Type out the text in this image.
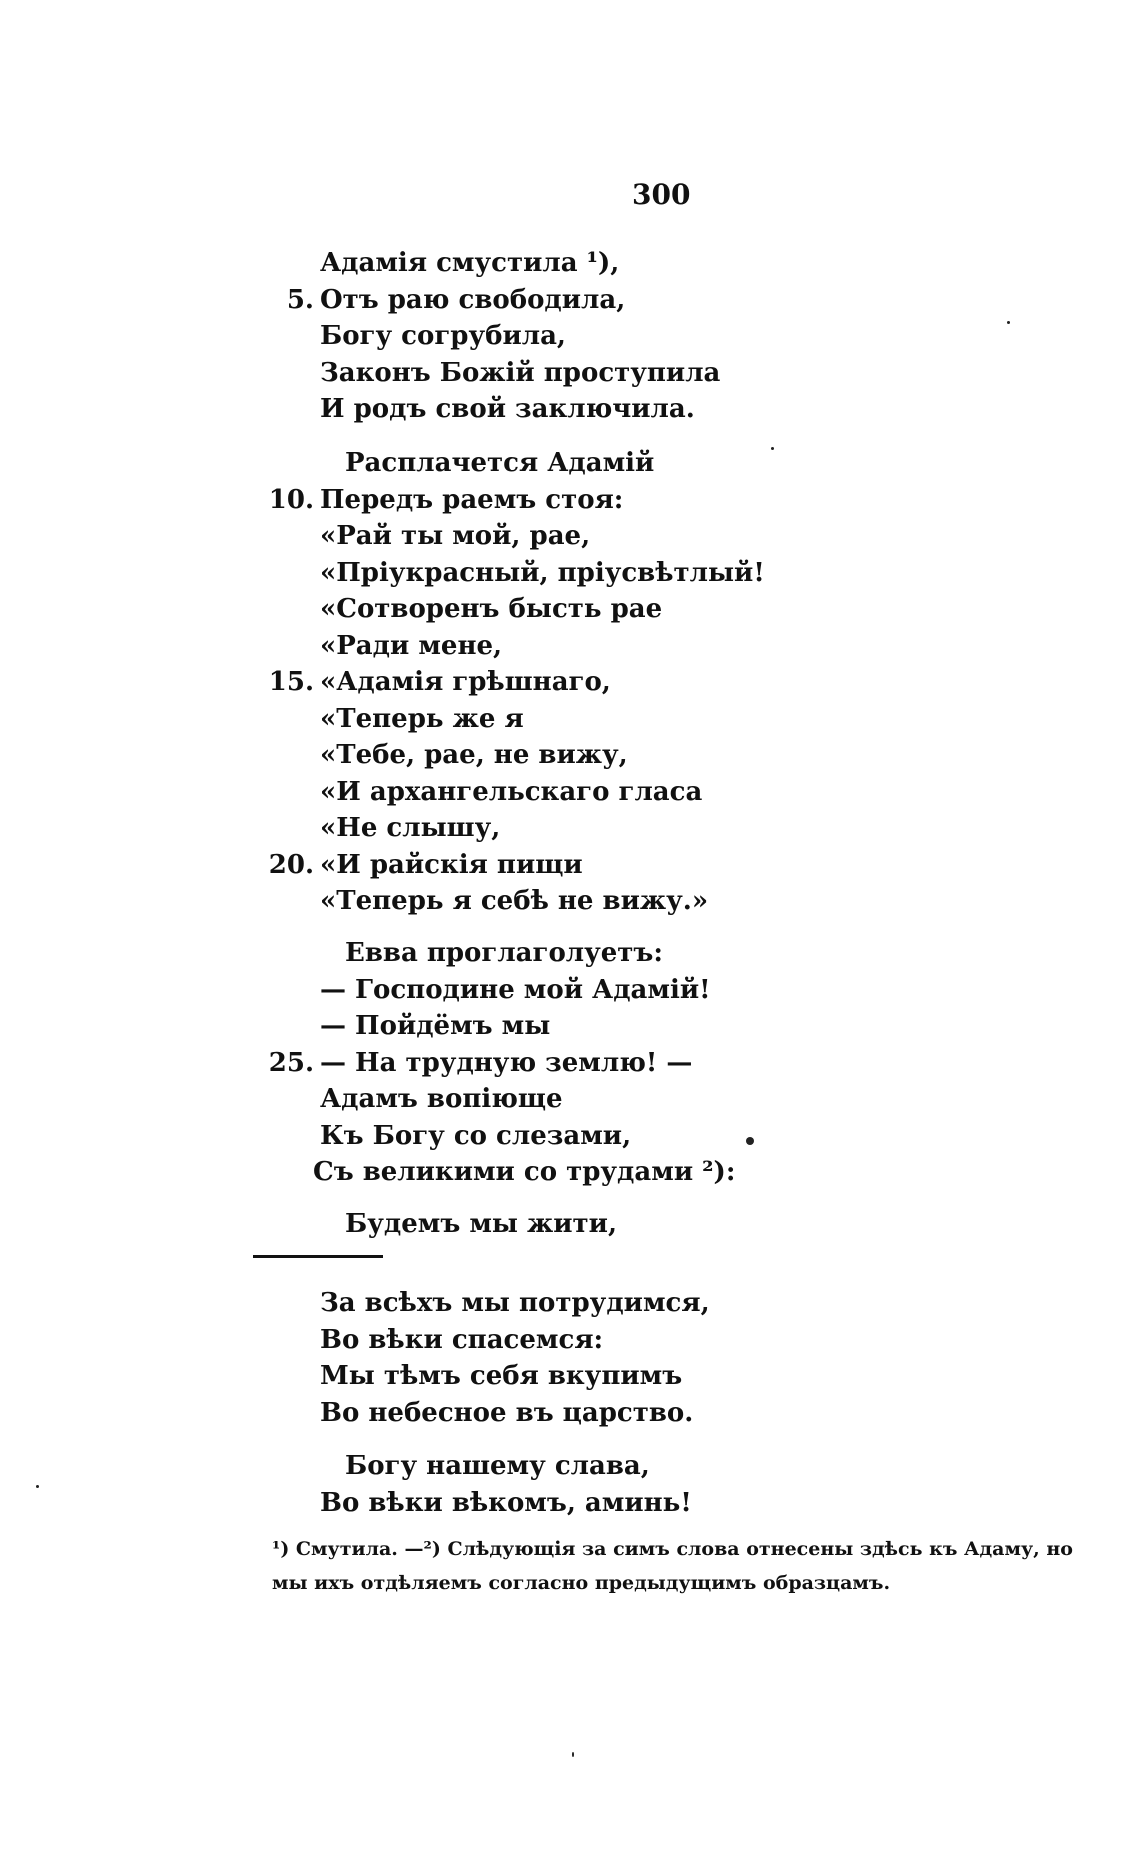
300
Адамія смустила ¹),
5. Отъ раю свободила,
Богу согрубила,
Законъ Божій проступила
И родъ свой заключила.
Расплачется Адамій
10. Передъ раемъ стоя:
«Рай ты мой, рае,
«Пріукрасный, пріусвѣтлый!
«Сотворенъ бысть рае
«Ради мене,
15. «Адамія грѣшнаго,
«Теперь же я
«Тебе, рае, не вижу,
«И архангельскаго гласа
«Не слышу,
20. «И райскія пищи
«Теперь я себѣ не вижу.»
Евва проглаголуетъ:
— Господине мой Адамій!
— Пойдёмъ мы
25. — На трудную землю! —
Адамъ вопіюще
Къ Богу со слезами,
Съ великими со трудами ²):
Будемъ мы жити,
За всѣхъ мы потрудимся,
Во вѣки спасемся:
Мы тѣмъ себя вкупимъ
Во небесное въ царство.
Богу нашему слава,
Во вѣки вѣкомъ, аминь!

¹) Смутила. —²) Слѣдующія за симъ слова отнесены здѣсь къ Адаму, но

мы ихъ отдѣляемъ согласно предыдущимъ образцамъ.
